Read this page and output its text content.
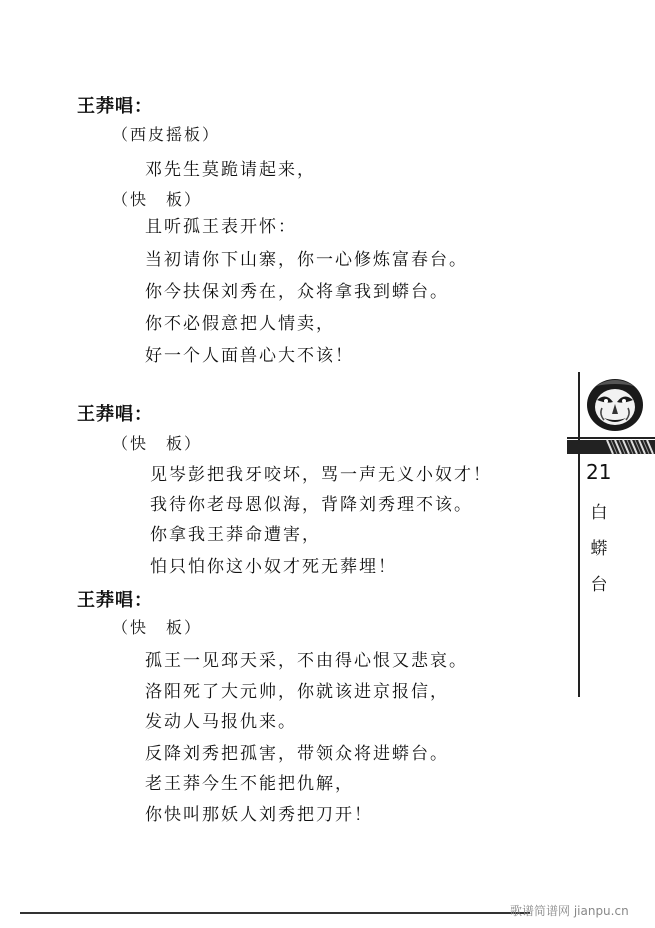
王莽唱：
（西皮摇板）
邓先生莫跪请起来，
（快　板）
且听孤王表开怀：
当初请你下山寨，你一心修炼富春台。
你今扶保刘秀在，众将拿我到蟒台。
你不必假意把人情卖，
好一个人面兽心大不该！
王莽唱：
（快　板）
见岑彭把我牙咬坏，骂一声无义小奴才！
我待你老母恩似海，背降刘秀理不该。
你拿我王莽命遭害，
怕只怕你这小奴才死无葬埋！
王莽唱：
（快　板）
孤王一见邳天采，不由得心恨又悲哀。
洛阳死了大元帅，你就该进京报信，
发动人马报仇来。
反降刘秀把孤害，带领众将进蟒台。
老王莽今生不能把仇解，
你快叫那妖人刘秀把刀开！
21
白
蟒
台
歌谱简谱网 jianpu.cn
